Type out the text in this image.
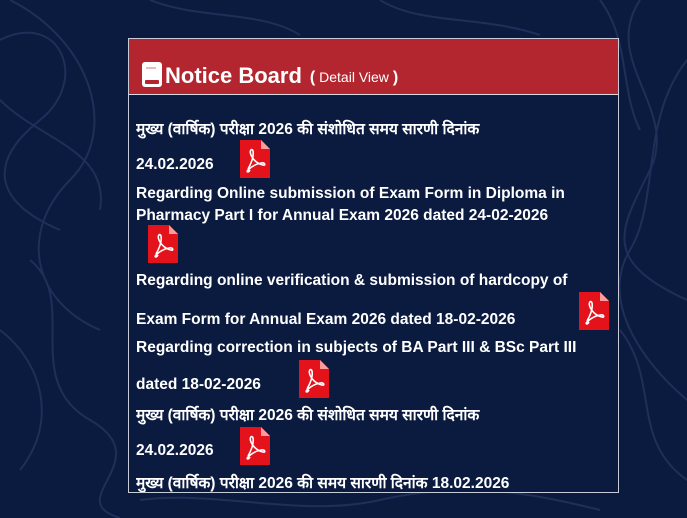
Notice Board ( Detail View )
मुख्य (वार्षिक) परीक्षा 2026 की संशोधित समय सारणी दिनांक
24.02.2026
Regarding Online submission of Exam Form in Diploma in
Pharmacy Part I for Annual Exam 2026 dated 24-02-2026
Regarding online verification & submission of hardcopy of
Exam Form for Annual Exam 2026 dated 18-02-2026
Regarding correction in subjects of BA Part III & BSc Part III
dated 18-02-2026
मुख्य (वार्षिक) परीक्षा 2026 की संशोधित समय सारणी दिनांक
24.02.2026
मुख्य (वार्षिक) परीक्षा 2026 की समय सारणी दिनांक 18.02.2026
